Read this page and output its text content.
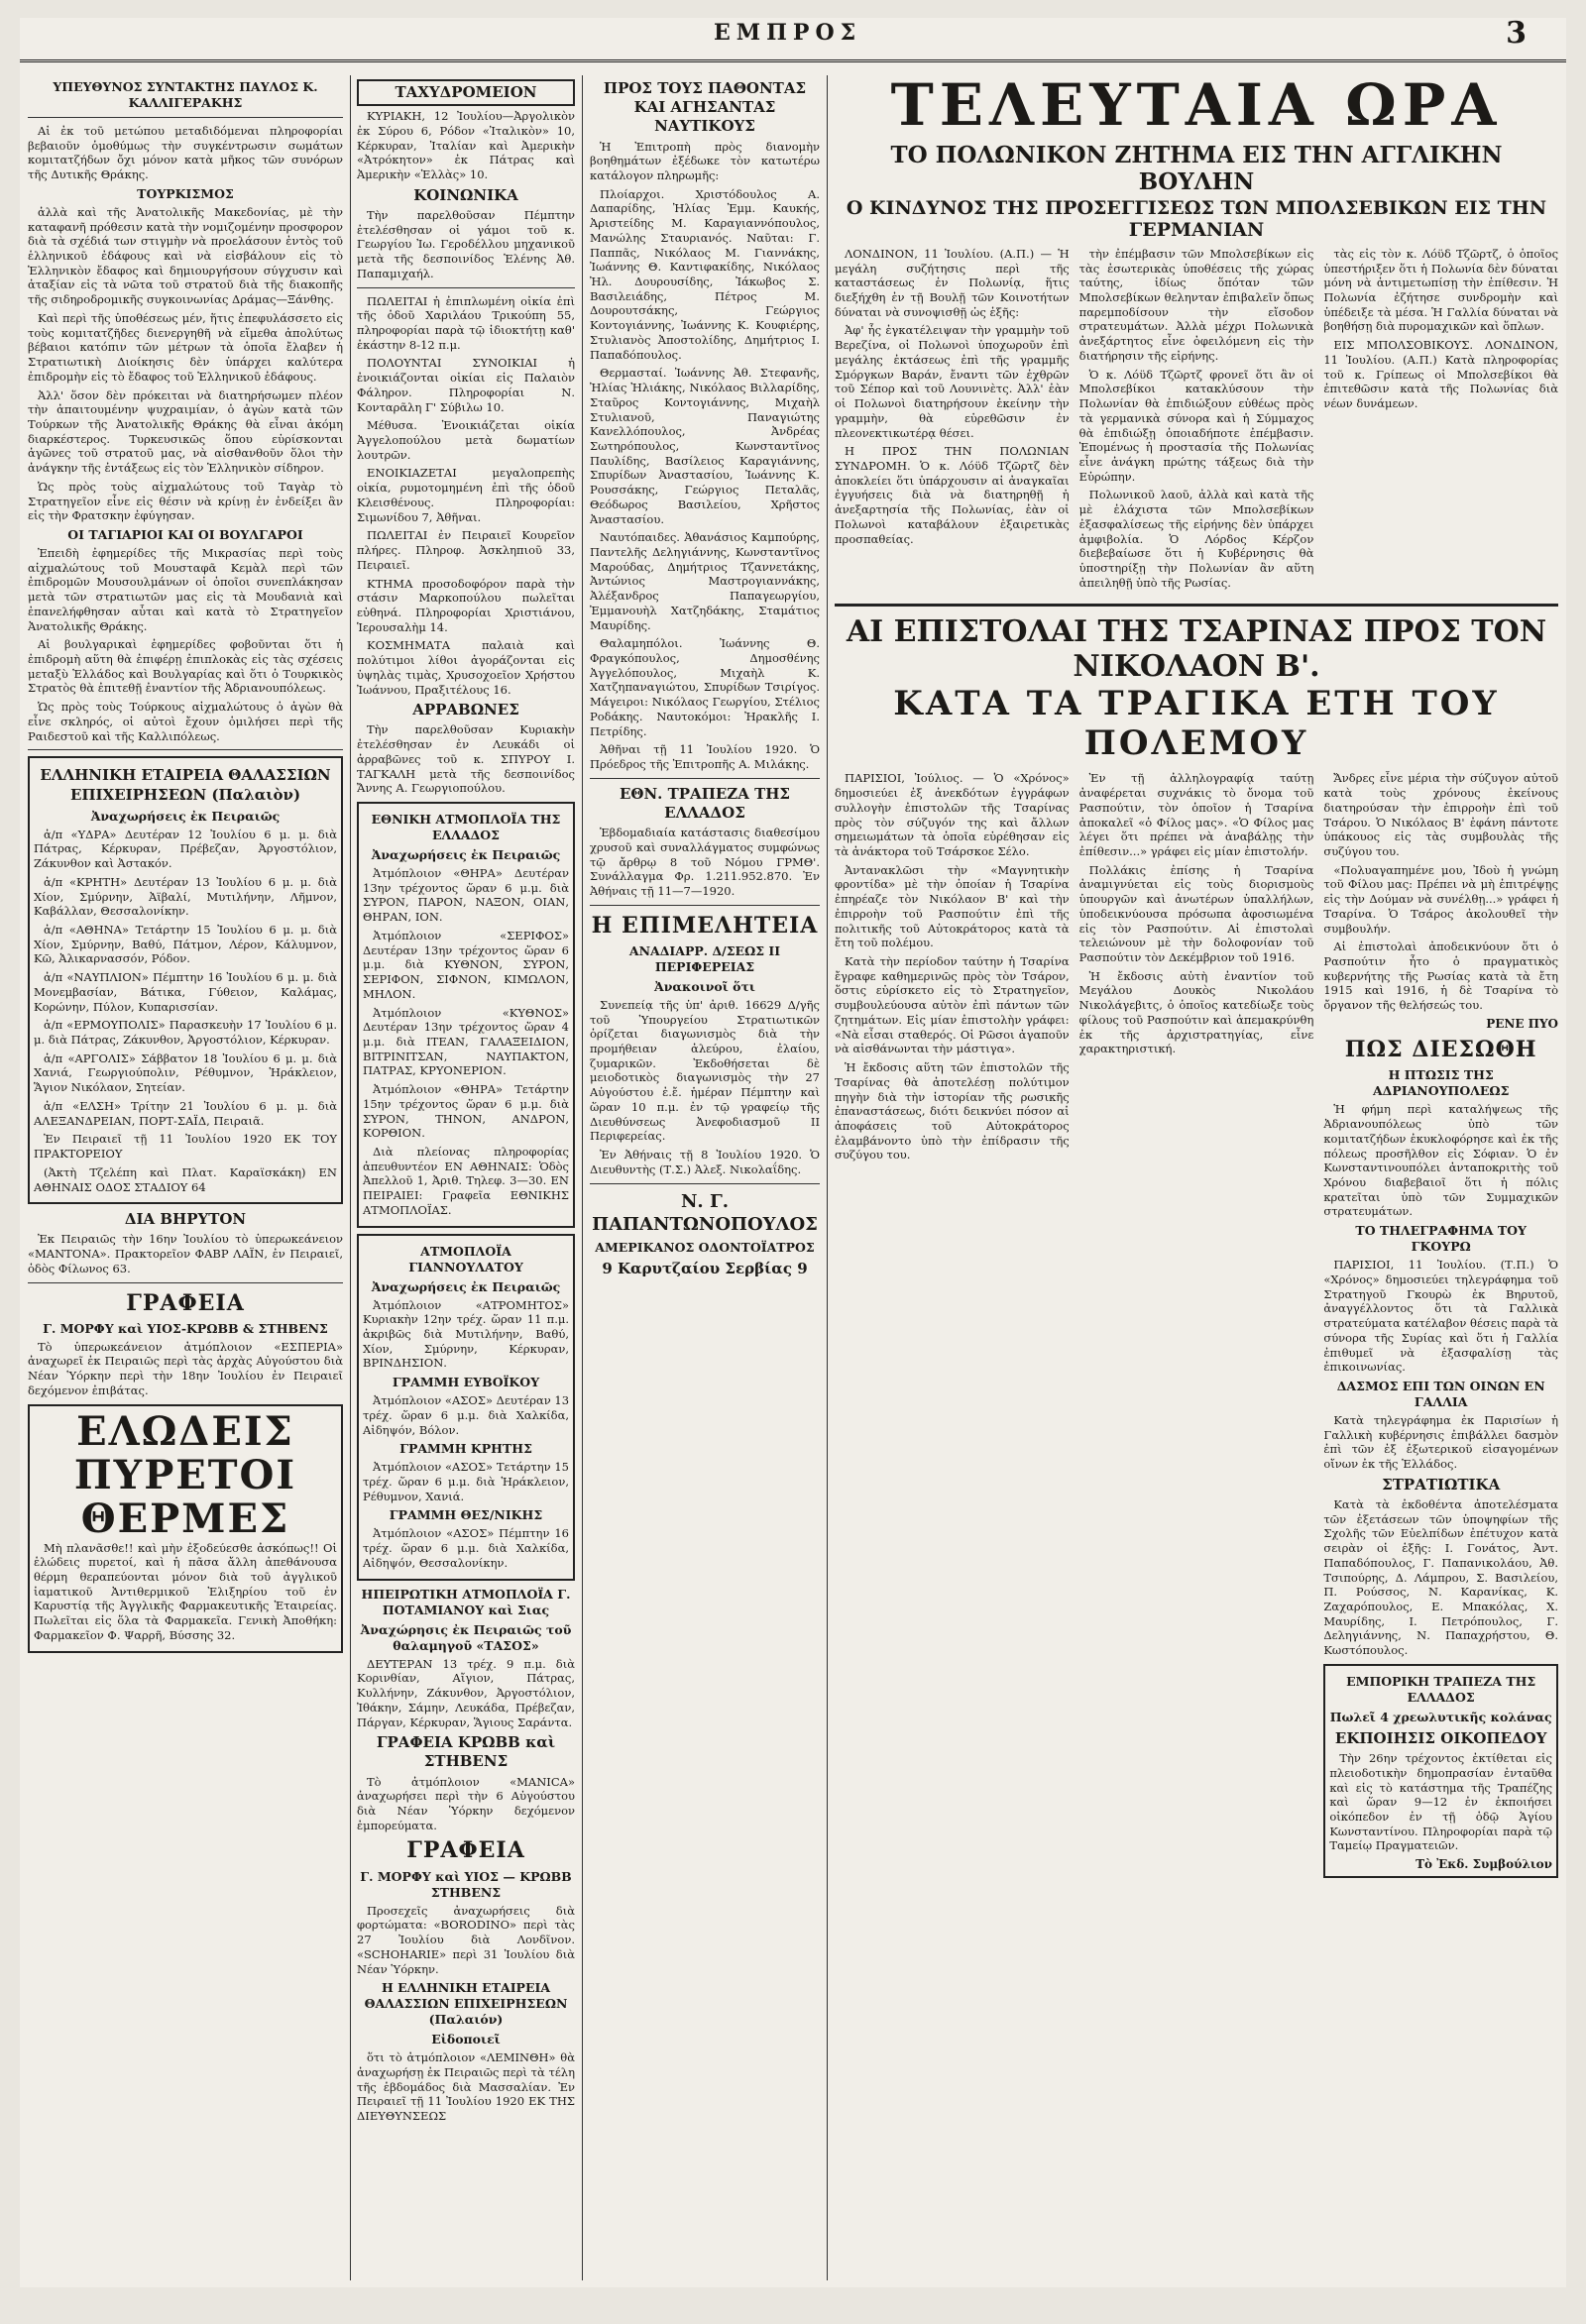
ΕΜΠΡΟΣ	3
ΥΠΕΥΘΥΝΟΣ ΣΥΝΤΑΚΤΗΣ ΠΑΥΛΟΣ Κ. ΚΑΛΛΙΓΕΡΑΚΗΣ

Αἱ ἐκ τοῦ μετώπου μεταδιδόμεναι πληροφορίαι βεβαιοῦν ὁμοθύμως τὴν συγκέντρωσιν σωμάτων κομιτατζήδων ὄχι μόνον κατὰ μῆκος τῶν συνόρων τῆς Δυτικῆς Θράκης.

ΤΟΥΡΚΙΣΜΟΣ

ἀλλὰ καὶ τῆς Ἀνατολικῆς Μακεδονίας, μὲ τὴν καταφανῆ πρόθεσιν κατὰ τὴν νομιζομένην προσφορον διὰ τὰ σχέδιά των στιγμὴν νὰ προελάσουν ἐντὸς τοῦ ἑλληνικοῦ ἐδάφους καὶ νὰ εἰσβάλουν εἰς τὸ Ἑλληνικὸν ἔδαφος καὶ δημιουργήσουν σύγχυσιν καὶ ἀταξίαν εἰς τὰ νῶτα τοῦ στρατοῦ διὰ τῆς διακοπῆς τῆς σιδηροδρομικῆς συγκοινωνίας Δράμας—Ξάνθης.

Καὶ περὶ τῆς ὑποθέσεως μέν, ἥτις ἐπεφυλάσσετο εἰς τοὺς κομιτατζῆδες διενεργηθῆ νὰ εἴμεθα ἀπολύτως βέβαιοι κατόπιν τῶν μέτρων τὰ ὁποῖα ἔλαβεν ἡ Στρατιωτικὴ Διοίκησις δὲν ὑπάρχει καλύτερα ἐπιδρομὴν εἰς τὸ ἔδαφος τοῦ Ἑλληνικοῦ ἐδάφους.

Ἀλλ' ὅσον δὲν πρόκειται νὰ διατηρήσωμεν πλέον τὴν ἀπαιτουμένην ψυχραιμίαν, ὁ ἀγὼν κατὰ τῶν Τούρκων τῆς Ἀνατολικῆς Θράκης θὰ εἶναι ἀκόμη διαρκέστερος. Τυρκευσικῶς ὅπου εὑρίσκονται ἀγῶνες τοῦ στρατοῦ μας, νὰ αἰσθανθοῦν ὅλοι τὴν ἀνάγκην τῆς ἐντάξεως εἰς τὸν Ἑλληνικὸν σίδηρον.

Ὡς πρὸς τοὺς αἰχμαλώτους τοῦ Ταγὰρ τὸ Στρατηγεῖον εἶνε εἰς θέσιν νὰ κρίνῃ ἐν ἐνδείξει ἂν εἰς τὴν Φρατσκην ἐφύγησαν.

ΟΙ ΤΑΓΙΑΡΙΟΙ ΚΑΙ ΟΙ ΒΟΥΛΓΑΡΟΙ

Ἐπειδὴ ἐφημερίδες τῆς Μικρασίας περὶ τοὺς αἰχμαλώτους τοῦ Μουσταφᾶ Κεμὰλ περὶ τῶν ἐπιδρομῶν Μουσουλμάνων οἱ ὁποῖοι συνεπλάκησαν μετὰ τῶν στρατιωτῶν μας εἰς τὰ Μουδανιὰ καὶ ἐπανελήφθησαν αὗται καὶ κατὰ τὸ Στρατηγεῖον Ἀνατολικῆς Θράκης.

Αἱ βουλγαρικαὶ ἐφημερίδες φοβοῦνται ὅτι ἡ ἐπιδρομὴ αὕτη θὰ ἐπιφέρῃ ἐπιπλοκὰς εἰς τὰς σχέσεις μεταξὺ Ἑλλάδος καὶ Βουλγαρίας καὶ ὅτι ὁ Τουρκικὸς Στρατὸς θὰ ἐπιτεθῇ ἐναντίον τῆς Ἀδριανουπόλεως.

Ὡς πρὸς τοὺς Τούρκους αἰχμαλώτους ὁ ἀγὼν θὰ εἶνε σκληρός, οἱ αὐτοὶ ἔχουν ὁμιλήσει περὶ τῆς Ραιδεστοῦ καὶ τῆς Καλλιπόλεως.

ΕΛΛΗΝΙΚΗ ΕΤΑΙΡΕΙΑ ΘΑΛΑΣΣΙΩΝ ΕΠΙΧΕΙΡΗΣΕΩΝ (Παλαιὸν)
Ἀναχωρήσεις ἐκ Πειραιῶς

ἀ/π «ΥΔΡΑ» Δευτέραν 12 Ἰουλίου 6 μ. μ. διὰ Πάτρας, Κέρκυραν, Πρέβεζαν, Ἀργοστόλιον, Ζάκυνθον καὶ Ἀστακόν.

ἀ/π «ΚΡΗΤΗ» Δευτέραν 13 Ἰουλίου 6 μ. μ. διὰ Χίον, Σμύρνην, Ἀϊβαλί, Μυτιλήνην, Λῆμνον, Καβάλλαν, Θεσσαλονίκην.

ἀ/π «ΑΘΗΝΑ» Τετάρτην 15 Ἰουλίου 6 μ. μ. διὰ Χίον, Σμύρνην, Βαθύ, Πάτμον, Λέρον, Κάλυμνον, Κῶ, Ἀλικαρνασσόν, Ρόδον.

ἀ/π «ΝΑΥΠΛΙΟΝ» Πέμπτην 16 Ἰουλίου 6 μ. μ. διὰ Μονεμβασίαν, Βάτικα, Γύθειον, Καλάμας, Κορώνην, Πύλον, Κυπαρισσίαν.

ἀ/π «ΕΡΜΟΥΠΟΛΙΣ» Παρασκευὴν 17 Ἰουλίου 6 μ. μ. διὰ Πάτρας, Ζάκυνθον, Ἀργοστόλιον, Κέρκυραν.

ἀ/π «ΑΡΓΟΛΙΣ» Σάββατον 18 Ἰουλίου 6 μ. μ. διὰ Χανιά, Γεωργιούπολιν, Ρέθυμνον, Ἡράκλειον, Ἅγιον Νικόλαον, Σητείαν.

ἀ/π «ΕΛΣΗ» Τρίτην 21 Ἰουλίου 6 μ. μ. διὰ ΑΛΕΞΑΝΔΡΕΙΑΝ, ΠΟΡΤ-ΣΑΪΔ, Πειραιᾶ.

Ἐν Πειραιεῖ τῇ 11 Ἰουλίου 1920 ΕΚ ΤΟΥ ΠΡΑΚΤΟΡΕΙΟΥ

(Ἀκτὴ Τζελέπη καὶ Πλατ. Καραϊσκάκη) ΕΝ ΑΘΗΝΑΙΣ ΟΔΟΣ ΣΤΑΔΙΟΥ 64

ΔΙΑ ΒΗΡΥΤΟΝ

Ἐκ Πειραιῶς τὴν 16ην Ἰουλίου τὸ ὑπερωκεάνειον «ΜΑΝΤΟΝΑ». Πρακτορεῖον ΦΑΒΡ ΛΑΪΝ, ἐν Πειραιεῖ, ὁδὸς Φίλωνος 63.

ΓΡΑΦΕΙΑ
Γ. ΜΟΡΦΥ καὶ ΥΙΟΣ-ΚΡΩΒΒ & ΣΤΗΒΕΝΣ

Τὸ ὑπερωκεάνειον ἀτμόπλοιον «ΕΣΠΕΡΙΑ» ἀναχωρεῖ ἐκ Πειραιῶς περὶ τὰς ἀρχὰς Αὐγούστου διὰ Νέαν Ὑόρκην περὶ τὴν 18ην Ἰουλίου ἐν Πειραιεῖ δεχόμενον ἐπιβάτας.

ΕΛΩΔΕΙΣ
ΠΥΡΕΤΟΙ
ΘΕΡΜΕΣ

Μὴ πλανᾶσθε!! καὶ μὴν ἐξοδεύεσθε ἀσκόπως!! Οἱ ἑλώδεις πυρετοί, καὶ ἡ πᾶσα ἄλλη ἀπεθάνουσα θέρμη θεραπεύονται μόνον διὰ τοῦ ἀγγλικοῦ ἰαματικοῦ Ἀντιθερμικοῦ Ἐλιξηρίου τοῦ ἐν Καρυστίᾳ τῆς Ἀγγλικῆς Φαρμακευτικῆς Ἑταιρείας. Πωλεῖται εἰς ὅλα τὰ Φαρμακεῖα. Γενικὴ Ἀποθήκη: Φαρμακεῖον Φ. Ψαρρῆ, Βύσσης 32.

ΤΑΧΥΔΡΟΜΕΙΟΝ

ΚΥΡΙΑΚΗ, 12 Ἰουλίου—Ἀργολικὸν ἐκ Σύρου 6, Ρόδον «Ἰταλικὸν» 10, Κέρκυραν, Ἰταλίαν καὶ Ἀμερικὴν «Ἀτρόκητον» ἐκ Πάτρας καὶ Ἀμερικὴν «Ἑλλὰς» 10.

ΚΟΙΝΩΝΙΚΑ

Τὴν παρελθοῦσαν Πέμπτην ἐτελέσθησαν οἱ γάμοι τοῦ κ. Γεωργίου Ἰω. Γεροδέλλου μηχανικοῦ μετὰ τῆς δεσποινίδος Ἑλένης Ἀθ. Παπαμιχαήλ.

ΠΩΛΕΙΤΑΙ ἡ ἐπιπλωμένη οἰκία ἐπὶ τῆς ὁδοῦ Χαριλάου Τρικούπη 55, πληροφορίαι παρὰ τῷ ἰδιοκτήτῃ καθ' ἑκάστην 8-12 π.μ.

ΠΟΛΟΥΝΤΑΙ ΣΥΝΟΙΚΙΑΙ ἡ ἐνοικιάζονται οἰκίαι εἰς Παλαιὸν Φάληρον. Πληροφορίαι Ν. Κονταρᾶλη Γ' Σύβιλω 10.

Μέθυσα. Ἐνοικιάζεται οἰκία Ἀγγελοπούλου μετὰ δωματίων λουτρῶν.

ΕΝΟΙΚΙΑΖΕΤΑΙ μεγαλοπρεπὴς οἰκία, ρυμοτομημένη ἐπὶ τῆς ὁδοῦ Κλεισθένους. Πληροφορίαι: Σιμωνίδου 7, Ἀθῆναι.

ΠΩΛΕΙΤΑΙ ἐν Πειραιεῖ Κουρεῖον πλήρες. Πληροφ. Ἀσκληπιοῦ 33, Πειραιεῖ.

ΚΤΗΜΑ προσοδοφόρον παρὰ τὴν στάσιν Μαρκοπούλου πωλεῖται εὐθηνά. Πληροφορίαι Χριστιάνου, Ἱερουσαλὴμ 14.

ΚΟΣΜΗΜΑΤΑ παλαιὰ καὶ πολύτιμοι λίθοι ἀγοράζονται εἰς ὑψηλὰς τιμὰς, Χρυσοχοεῖον Χρήστου Ἰωάννου, Πραξιτέλους 16.

ΑΡΡΑΒΩΝΕΣ

Τὴν παρελθοῦσαν Κυριακὴν ἐτελέσθησαν ἐν Λευκάδι οἱ ἀρραβῶνες τοῦ κ. ΣΠΥΡΟΥ Ι. ΤΑΓΚΑΛΗ μετὰ τῆς δεσποινίδος Ἄννης Α. Γεωργιοπούλου.

ΕΘΝΙΚΗ ΑΤΜΟΠΛΟΪΑ ΤΗΣ ΕΛΛΑΔΟΣ
Ἀναχωρήσεις ἐκ Πειραιῶς

Ἀτμόπλοιον «ΘΗΡΑ» Δευτέραν 13ην τρέχοντος ὥραν 6 μ.μ. διὰ ΣΥΡΟΝ, ΠΑΡΟΝ, ΝΑΞΟΝ, ΟΙΑΝ, ΘΗΡΑΝ, ΙΟΝ.

Ἀτμόπλοιον «ΣΕΡΙΦΟΣ» Δευτέραν 13ην τρέχοντος ὥραν 6 μ.μ. διὰ ΚΥΘΝΟΝ, ΣΥΡΟΝ, ΣΕΡΙΦΟΝ, ΣΙΦΝΟΝ, ΚΙΜΩΛΟΝ, ΜΗΛΟΝ.

Ἀτμόπλοιον «ΚΥΘΝΟΣ» Δευτέραν 13ην τρέχοντος ὥραν 4 μ.μ. διὰ ΙΤΕΑΝ, ΓΑΛΑΞΕΙΔΙΟΝ, ΒΙΤΡΙΝΙΤΣΑΝ, ΝΑΥΠΑΚΤΟΝ, ΠΑΤΡΑΣ, ΚΡΥΟΝΕΡΙΟΝ.

Ἀτμόπλοιον «ΘΗΡΑ» Τετάρτην 15ην τρέχοντος ὥραν 6 μ.μ. διὰ ΣΥΡΟΝ, ΤΗΝΟΝ, ΑΝΔΡΟΝ, ΚΟΡΘΙΟΝ.

Διὰ πλείονας πληροφορίας ἀπευθυντέον ΕΝ ΑΘΗΝΑΙΣ: Ὁδὸς Ἀπελλοῦ 1, Ἀριθ. Τηλεφ. 3—30. ΕΝ ΠΕΙΡΑΙΕΙ: Γραφεῖα ΕΘΝΙΚΗΣ ΑΤΜΟΠΛΟΪΑΣ.

ΑΤΜΟΠΛΟΪΑ ΓΙΑΝΝΟΥΛΑΤΟΥ
Ἀναχωρήσεις ἐκ Πειραιῶς

Ἀτμόπλοιον «ΑΤΡΟΜΗΤΟΣ» Κυριακὴν 12ην τρέχ. ὥραν 11 π.μ. ἀκριβῶς διὰ Μυτιλήνην, Βαθύ, Χίον, Σμύρνην, Κέρκυραν, ΒΡΙΝΔΗΣΙΟΝ.

ΓΡΑΜΜΗ ΕΥΒΟΪΚΟΥ

Ἀτμόπλοιον «ΑΣΟΣ» Δευτέραν 13 τρέχ. ὥραν 6 μ.μ. διὰ Χαλκίδα, Αἰδηψόν, Βόλον.

ΓΡΑΜΜΗ ΚΡΗΤΗΣ

Ἀτμόπλοιον «ΑΣΟΣ» Τετάρτην 15 τρέχ. ὥραν 6 μ.μ. διὰ Ἡράκλειον, Ρέθυμνον, Χανιά.

ΓΡΑΜΜΗ ΘΕΣ/ΝΙΚΗΣ

Ἀτμόπλοιον «ΑΣΟΣ» Πέμπτην 16 τρέχ. ὥραν 6 μ.μ. διὰ Χαλκίδα, Αἰδηψόν, Θεσσαλονίκην.

ΗΠΕΙΡΩΤΙΚΗ ΑΤΜΟΠΛΟΪΑ Γ. ΠΟΤΑΜΙΑΝΟΥ καὶ Σιας
Ἀναχώρησις ἐκ Πειραιῶς τοῦ θαλαμηγοῦ «ΤΑΣΟΣ»

ΔΕΥΤΕΡΑΝ 13 τρέχ. 9 π.μ. διὰ Κορινθίαν, Αἴγιον, Πάτρας, Κυλλήνην, Ζάκυνθον, Ἀργοστόλιον, Ἰθάκην, Σάμην, Λευκάδα, Πρέβεζαν, Πάργαν, Κέρκυραν, Ἅγιους Σαράντα.

ΓΡΑΦΕΙΑ ΚΡΩΒΒ καὶ ΣΤΗΒΕΝΣ

Τὸ ἀτμόπλοιον «MANICA» ἀναχωρήσει περὶ τὴν 6 Αὐγούστου διὰ Νέαν Ὑόρκην δεχόμενον ἐμπορεύματα.

ΓΡΑΦΕΙΑ
Γ. ΜΟΡΦΥ καὶ ΥΙΟΣ — ΚΡΩΒΒ ΣΤΗΒΕΝΣ

Προσεχεῖς ἀναχωρήσεις διὰ φορτώματα: «BORODINO» περὶ τὰς 27 Ἰουλίου διὰ Λονδῖνον. «SCHOHARIE» περὶ 31 Ἰουλίου διὰ Νέαν Ὑόρκην.

Η ΕΛΛΗΝΙΚΗ ΕΤΑΙΡΕΙΑ ΘΑΛΑΣΣΙΩΝ ΕΠΙΧΕΙΡΗΣΕΩΝ (Παλαιόν)
Εἰδοποιεῖ

ὅτι τὸ ἀτμόπλοιον «ΛΕΜΙΝΘΗ» θὰ ἀναχωρήσῃ ἐκ Πειραιῶς περὶ τὰ τέλη τῆς ἑβδομάδος διὰ Μασσαλίαν. Ἐν Πειραιεῖ τῇ 11 Ἰουλίου 1920 ΕΚ ΤΗΣ ΔΙΕΥΘΥΝΣΕΩΣ

ΠΡΟΣ ΤΟΥΣ ΠΑΘΟΝΤΑΣ ΚΑΙ ΑΓΗΣΑΝΤΑΣ ΝΑΥΤΙΚΟΥΣ

Ἡ Ἐπιτροπὴ πρὸς διανομὴν βοηθημάτων ἐξέδωκε τὸν κατωτέρω κατάλογον πληρωμῆς:

Πλοίαρχοι. Χριστόδουλος Α. Δαπαρίδης, Ἠλίας Ἐμμ. Καυκής, Ἀριστείδης Μ. Καραγιαννόπουλος, Μανώλης Σταυριανός. Ναῦται: Γ. Παππᾶς, Νικόλαος Μ. Γιαννάκης, Ἰωάννης Θ. Καντιφακίδης, Νικόλαος Ἠλ. Δουρουσίδης, Ἰάκωβος Σ. Βασιλειάδης, Πέτρος Μ. Δουρουτσάκης, Γεώργιος Κοντογιάννης, Ἰωάννης Κ. Κουφιέρης, Στυλιανὸς Ἀποστολίδης, Δημήτριος Ι. Παπαδόπουλος.

Θερμασταί. Ἰωάννης Ἀθ. Στεφανῆς, Ἠλίας Ἠλιάκης, Νικόλαος Βιλλαρίδης, Σταῦρος Κοντογιάννης, Μιχαὴλ Στυλιανοῦ, Παναγιώτης Κανελλόπουλος, Ἀνδρέας Σωτηρόπουλος, Κωνσταντῖνος Παυλίδης, Βασίλειος Καραγιάννης, Σπυρίδων Ἀναστασίου, Ἰωάννης Κ. Ρουσσάκης, Γεώργιος Πεταλᾶς, Θεόδωρος Βασιλείου, Χρῆστος Ἀναστασίου.

Ναυτόπαιδες. Ἀθανάσιος Καμπούρης, Παντελῆς Δεληγιάννης, Κωνσταντῖνος Μαρούδας, Δημήτριος Τζαννετάκης, Ἀντώνιος Μαστρογιαννάκης, Ἀλέξανδρος Παπαγεωργίου, Ἐμμανουὴλ Χατζηδάκης, Σταμάτιος Μαυρίδης.

Θαλαμηπόλοι. Ἰωάννης Θ. Φραγκόπουλος, Δημοσθένης Ἀγγελόπουλος, Μιχαὴλ Κ. Χατζηπαναγιώτου, Σπυρίδων Τσιρίγος. Μάγειροι: Νικόλαος Γεωργίου, Στέλιος Ροδάκης. Ναυτοκόμοι: Ἠρακλῆς Ι. Πετρίδης.

Ἀθῆναι τῇ 11 Ἰουλίου 1920. Ὁ Πρόεδρος τῆς Ἐπιτροπῆς Α. Μιλάκης.

ΕΘΝ. ΤΡΑΠΕΖΑ ΤΗΣ ΕΛΛΑΔΟΣ

Ἑβδομαδιαία κατάστασις διαθεσίμου χρυσοῦ καὶ συναλλάγματος συμφώνως τῷ ἄρθρῳ 8 τοῦ Νόμου ΓΡΜΘ'. Συνάλλαγμα Φρ. 1.211.952.870. Ἐν Ἀθήναις τῇ 11—7—1920.

Η ΕΠΙΜΕΛΗΤΕΙΑ
ΑΝΑΔΙΑΡΡ. Δ/ΣΕΩΣ ΙΙ ΠΕΡΙΦΕΡΕΙΑΣ
Ἀνακοινοῖ ὅτι

Συνεπείᾳ τῆς ὑπ' ἀριθ. 16629 Δ/γῆς τοῦ Ὑπουργείου Στρατιωτικῶν ὁρίζεται διαγωνισμὸς διὰ τὴν προμήθειαν ἀλεύρου, ἐλαίου, ζυμαρικῶν. Ἐκδοθήσεται δὲ μειοδοτικὸς διαγωνισμὸς τὴν 27 Αὐγούστου ἐ.ἔ. ἡμέραν Πέμπτην καὶ ὥραν 10 π.μ. ἐν τῷ γραφείῳ τῆς Διευθύνσεως Ἀνεφοδιασμοῦ ΙΙ Περιφερείας.

Ἐν Ἀθήναις τῇ 8 Ἰουλίου 1920. Ὁ Διευθυντὴς (Τ.Σ.) Ἀλεξ. Νικολαΐδης.

Ν. Γ. ΠΑΠΑΝΤΩΝΟΠΟΥΛΟΣ
ΑΜΕΡΙΚΑΝΟΣ ΟΔΟΝΤΟΪΑΤΡΟΣ
9 Καρυτζαίου Σερβίας 9
ΤΕΛΕΥΤΑΙΑ ΩΡΑ
ΤΟ ΠΟΛΩΝΙΚΟΝ ΖΗΤΗΜΑ ΕΙΣ ΤΗΝ ΑΓΓΛΙΚΗΝ ΒΟΥΛΗΝ
Ο ΚΙΝΔΥΝΟΣ ΤΗΣ ΠΡΟΣΕΓΓΙΣΕΩΣ ΤΩΝ ΜΠΟΛΣΕΒΙΚΩΝ ΕΙΣ ΤΗΝ ΓΕΡΜΑΝΙΑΝ

ΛΟΝΔΙΝΟΝ, 11 Ἰουλίου. (Α.Π.) — Ἡ μεγάλη συζήτησις περὶ τῆς καταστάσεως ἐν Πολωνίᾳ, ἥτις διεξήχθη ἐν τῇ Βουλῇ τῶν Κοινοτήτων δύναται νὰ συνοψισθῇ ὡς ἑξῆς:

Ἀφ' ἧς ἐγκατέλειψαν τὴν γραμμὴν τοῦ Βερεζίνα, οἱ Πολωνοὶ ὑποχωροῦν ἐπὶ μεγάλης ἐκτάσεως ἐπὶ τῆς γραμμῆς Σμόργκων Βαράν, ἔναντι τῶν ἐχθρῶν τοῦ Σέπορ καὶ τοῦ Λουνινὲτς. Ἀλλ' ἐὰν οἱ Πολωνοὶ διατηρήσουν ἐκείνην τὴν γραμμὴν, θὰ εὑρεθῶσιν ἐν πλεονεκτικωτέρᾳ θέσει.

Η ΠΡΟΣ ΤΗΝ ΠΟΛΩΝΙΑΝ ΣΥΝΔΡΟΜΗ. Ὁ κ. Λόϋδ Τζῶρτζ δὲν ἀποκλείει ὅτι ὑπάρχουσιν αἱ ἀναγκαῖαι ἐγγυήσεις διὰ νὰ διατηρηθῇ ἡ ἀνεξαρτησία τῆς Πολωνίας, ἐὰν οἱ Πολωνοὶ καταβάλουν ἐξαιρετικὰς προσπαθείας.

τὴν ἐπέμβασιν τῶν Μπολσεβίκων εἰς τὰς ἐσωτερικὰς ὑποθέσεις τῆς χώρας ταύτης, ἰδίως ὅπόταν τῶν Μπολσεβίκων θεληνταν ἐπιβαλεῖν ὅπως παρεμποδίσουν τὴν εἴσοδον στρατευμάτων. Ἀλλὰ μέχρι Πολωνικὰ ἀνεξάρτητος εἶνε ὀφειλόμενη εἰς τὴν διατήρησιν τῆς εἰρήνης.

Ὁ κ. Λόϋδ Τζῶρτζ φρονεῖ ὅτι ἂν οἱ Μπολσεβίκοι κατακλύσουν τὴν Πολωνίαν θὰ ἐπιδιώξουν εὐθέως πρὸς τὰ γερμανικὰ σύνορα καὶ ἡ Σύμμαχος θὰ ἐπιδιώξῃ ὁποιαδήποτε ἐπέμβασιν. Ἐπομένως ἡ προστασία τῆς Πολωνίας εἶνε ἀνάγκη πρώτης τάξεως διὰ τὴν Εὐρώπην.

Πολωνικοῦ λαοῦ, ἀλλὰ καὶ κατὰ τῆς μὲ ἐλάχιστα τῶν Μπολσεβίκων ἐξασφαλίσεως τῆς εἰρήνης δὲν ὑπάρχει ἀμφιβολία. Ὁ Λόρδος Κέρζον διεβεβαίωσε ὅτι ἡ Κυβέρνησις θὰ ὑποστηρίξῃ τὴν Πολωνίαν ἂν αὕτη ἀπειληθῇ ὑπὸ τῆς Ρωσίας.

τὰς εἰς τὸν κ. Λόϋδ Τζῶρτζ, ὁ ὁποῖος ὑπεστήριξεν ὅτι ἡ Πολωνία δὲν δύναται μόνη νὰ ἀντιμετωπίσῃ τὴν ἐπίθεσιν. Ἡ Πολωνία ἐζήτησε συνδρομὴν καὶ ὑπέδειξε τὰ μέσα. Ἡ Γαλλία δύναται νὰ βοηθήσῃ διὰ πυρομαχικῶν καὶ ὅπλων.

ΕΙΣ ΜΠΟΛΣΟΒΙΚΟΥΣ. ΛΟΝΔΙΝΟΝ, 11 Ἰουλίου. (Α.Π.) Κατὰ πληροφορίας τοῦ κ. Γρίπεως οἱ Μπολσεβίκοι θὰ ἐπιτεθῶσιν κατὰ τῆς Πολωνίας διὰ νέων δυνάμεων.

ΑΙ ΕΠΙΣΤΟΛΑΙ ΤΗΣ ΤΣΑΡΙΝΑΣ ΠΡΟΣ ΤΟΝ ΝΙΚΟΛΑΟΝ Β'.
ΚΑΤΑ ΤΑ ΤΡΑΓΙΚΑ ΕΤΗ ΤΟΥ ΠΟΛΕΜΟΥ

ΠΑΡΙΣΙΟΙ, Ἰούλιος. — Ὁ «Χρόνος» δημοσιεύει ἐξ ἀνεκδότων ἐγγράφων συλλογὴν ἐπιστολῶν τῆς Τσαρίνας πρὸς τὸν σύζυγόν της καὶ ἄλλων σημειωμάτων τὰ ὁποῖα εὑρέθησαν εἰς τὰ ἀνάκτορα τοῦ Τσάρσκοε Σέλο.

Ἀντανακλῶσι τὴν «Μαγνητικὴν φροντίδα» μὲ τὴν ὁποίαν ἡ Τσαρίνα ἐπηρέαζε τὸν Νικόλαον Β' καὶ τὴν ἐπιρροὴν τοῦ Ρασπούτιν ἐπὶ τῆς πολιτικῆς τοῦ Αὐτοκράτορος κατὰ τὰ ἔτη τοῦ πολέμου.

Κατὰ τὴν περίοδον ταύτην ἡ Τσαρίνα ἔγραφε καθημερινῶς πρὸς τὸν Τσάρον, ὅστις εὑρίσκετο εἰς τὸ Στρατηγεῖον, συμβουλεύουσα αὐτὸν ἐπὶ πάντων τῶν ζητημάτων. Εἰς μίαν ἐπιστολὴν γράφει: «Νὰ εἶσαι σταθερός. Οἱ Ρῶσοι ἀγαποῦν νὰ αἰσθάνωνται τὴν μάστιγα».

Ἡ ἔκδοσις αὕτη τῶν ἐπιστολῶν τῆς Τσαρίνας θὰ ἀποτελέσῃ πολύτιμον πηγὴν διὰ τὴν ἱστορίαν τῆς ρωσικῆς ἐπαναστάσεως, διότι δεικνύει πόσον αἱ ἀποφάσεις τοῦ Αὐτοκράτορος ἐλαμβάνοντο ὑπὸ τὴν ἐπίδρασιν τῆς συζύγου του.

Ἐν τῇ ἀλληλογραφίᾳ ταύτῃ ἀναφέρεται συχνάκις τὸ ὄνομα τοῦ Ρασπούτιν, τὸν ὁποῖον ἡ Τσαρίνα ἀποκαλεῖ «ὁ Φίλος μας». «Ὁ Φίλος μας λέγει ὅτι πρέπει νὰ ἀναβάλῃς τὴν ἐπίθεσιν...» γράφει εἰς μίαν ἐπιστολήν.

Πολλάκις ἐπίσης ἡ Τσαρίνα ἀναμιγνύεται εἰς τοὺς διορισμοὺς ὑπουργῶν καὶ ἀνωτέρων ὑπαλλήλων, ὑποδεικνύουσα πρόσωπα ἀφοσιωμένα εἰς τὸν Ρασπούτιν. Αἱ ἐπιστολαὶ τελειώνουν μὲ τὴν δολοφονίαν τοῦ Ρασπούτιν τὸν Δεκέμβριον τοῦ 1916.

Ἡ ἔκδοσις αὐτὴ ἐναντίον τοῦ Μεγάλου Δουκὸς Νικολάου Νικολάγεβιτς, ὁ ὁποῖος κατεδίωξε τοὺς φίλους τοῦ Ρασπούτιν καὶ ἀπεμακρύνθη ἐκ τῆς ἀρχιστρατηγίας, εἶνε χαρακτηριστική.

Ἄνδρες εἶνε μέρια τὴν σύζυγον αὐτοῦ κατὰ τοὺς χρόνους ἐκείνους διατηρούσαν τὴν ἐπιρροὴν ἐπὶ τοῦ Τσάρου. Ὁ Νικόλαος Β' ἐφάνη πάντοτε ὑπάκουος εἰς τὰς συμβουλὰς τῆς συζύγου του.

«Πολυαγαπημένε μου, Ἰδοὺ ἡ γνώμη τοῦ Φίλου μας: Πρέπει νὰ μὴ ἐπιτρέψῃς εἰς τὴν Δούμαν νὰ συνέλθῃ...» γράφει ἡ Τσαρίνα. Ὁ Τσάρος ἀκολουθεῖ τὴν συμβουλήν.

Αἱ ἐπιστολαὶ ἀποδεικνύουν ὅτι ὁ Ρασπούτιν ἦτο ὁ πραγματικὸς κυβερνήτης τῆς Ρωσίας κατὰ τὰ ἔτη 1915 καὶ 1916, ἡ δὲ Τσαρίνα τὸ ὄργανον τῆς θελήσεώς του.

ΡΕΝΕ ΠΥΟ
ΠΩΣ ΔΙΕΣΩΘΗ
Η ΠΤΩΣΙΣ ΤΗΣ ΑΔΡΙΑΝΟΥΠΟΛΕΩΣ

Ἡ φήμη περὶ καταλήψεως τῆς Ἀδριανουπόλεως ὑπὸ τῶν κομιτατζήδων ἐκυκλοφόρησε καὶ ἐκ τῆς πόλεως προσῆλθον εἰς Σόφιαν. Ὁ ἐν Κωνσταντινουπόλει ἀνταποκριτὴς τοῦ Χρόνου διαβεβαιοῖ ὅτι ἡ πόλις κρατεῖται ὑπὸ τῶν Συμμαχικῶν στρατευμάτων.

ΤΟ ΤΗΛΕΓΡΑΦΗΜΑ ΤΟΥ ΓΚΟΥΡΩ

ΠΑΡΙΣΙΟΙ, 11 Ἰουλίου. (Τ.Π.) Ὁ «Χρόνος» δημοσιεύει τηλεγράφημα τοῦ Στρατηγοῦ Γκουρὼ ἐκ Βηρυτοῦ, ἀναγγέλλοντος ὅτι τὰ Γαλλικὰ στρατεύματα κατέλαβον θέσεις παρὰ τὰ σύνορα τῆς Συρίας καὶ ὅτι ἡ Γαλλία ἐπιθυμεῖ νὰ ἐξασφαλίσῃ τὰς ἐπικοινωνίας.

ΔΑΣΜΟΣ ΕΠΙ ΤΩΝ ΟΙΝΩΝ ΕΝ ΓΑΛΛΙΑ

Κατὰ τηλεγράφημα ἐκ Παρισίων ἡ Γαλλικὴ κυβέρνησις ἐπιβάλλει δασμὸν ἐπὶ τῶν ἐξ ἐξωτερικοῦ εἰσαγομένων οἴνων ἐκ τῆς Ἑλλάδος.

ΣΤΡΑΤΙΩΤΙΚΑ

Κατὰ τὰ ἐκδοθέντα ἀποτελέσματα τῶν ἐξετάσεων τῶν ὑποψηφίων τῆς Σχολῆς τῶν Εὐελπίδων ἐπέτυχον κατὰ σειρὰν οἱ ἑξῆς: Ι. Γονάτος, Ἀντ. Παπαδόπουλος, Γ. Παπανικολάου, Ἀθ. Τσιπούρης, Δ. Λάμπρου, Σ. Βασιλείου, Π. Ρούσσος, Ν. Καρανίκας, Κ. Ζαχαρόπουλος, Ε. Μπακόλας, Χ. Μαυρίδης, Ι. Πετρόπουλος, Γ. Δεληγιάννης, Ν. Παπαχρήστου, Θ. Κωστόπουλος.

ΕΜΠΟΡΙΚΗ ΤΡΑΠΕΖΑ ΤΗΣ ΕΛΛΑΔΟΣ
Πωλεῖ 4 χρεωλυτικῆς κολάνας
ΕΚΠΟΙΗΣΙΣ ΟΙΚΟΠΕΔΟΥ

Τὴν 26ην τρέχοντος ἐκτίθεται εἰς πλειοδοτικὴν δημοπρασίαν ἐνταῦθα καὶ εἰς τὸ κατάστημα τῆς Τραπέζης καὶ ὥραν 9—12 ἐν ἐκποιήσει οἰκόπεδον ἐν τῇ ὁδῷ Ἁγίου Κωνσταντίνου. Πληροφορίαι παρὰ τῷ Ταμείῳ Πραγματειῶν.

Τὸ Ἐκδ. Συμβούλιον
